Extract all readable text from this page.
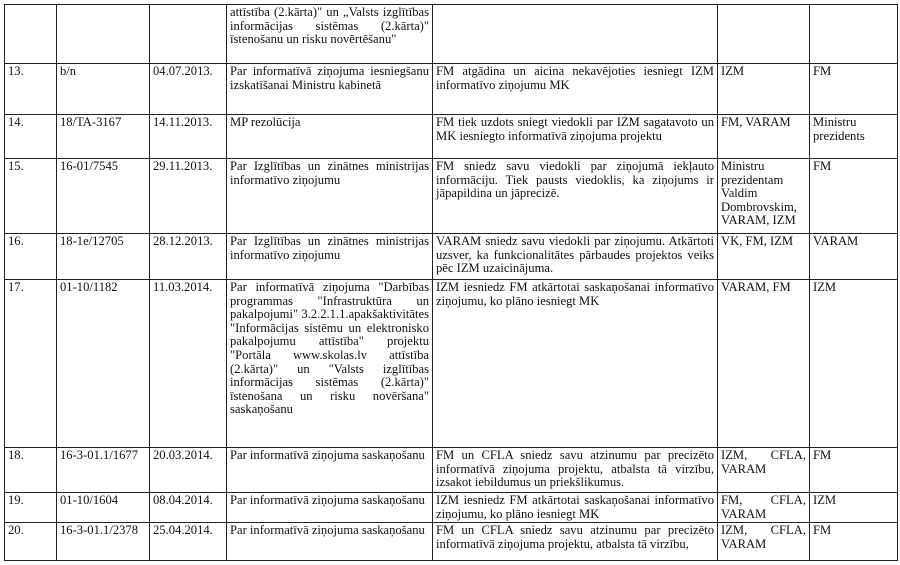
			attīstība (2.kārta)" un „Valsts izglītības informācijas sistēmas (2.kārta)" īstenošanu un risku novērtēšanu"			
13.	b/n	04.07.2013.	Par informatīvā ziņojuma iesniegšanu izskatīšanai Ministru kabinetā	FM atgādina un aicina nekavējoties iesniegt IZM informatīvo ziņojumu MK	IZM	FM
14.	18/TA-3167	14.11.2013.	MP rezolūcija	FM tiek uzdots sniegt viedokli par IZM sagatavoto un MK iesniegto informatīvā ziņojuma projektu	FM, VARAM	Ministru prezidents
15.	16-01/7545	29.11.2013.	Par Izglītības un zinātnes ministrijas informatīvo ziņojumu	FM sniedz savu viedokli par ziņojumā iekļauto informāciju. Tiek pausts viedoklis, ka ziņojums ir jāpapildina un jāprecizē.	Ministru prezidentam Valdim Dombrovskim, VARAM, IZM	FM
16.	18-1e/12705	28.12.2013.	Par Izglītības un zinātnes ministrijas informatīvo ziņojumu	VARAM sniedz savu viedokli par ziņojumu. Atkārtoti uzsver, ka funkcionalitātes pārbaudes projektos veiks pēc IZM uzaicinājuma.	VK, FM, IZM	VARAM
17.	01-10/1182	11.03.2014.	Par informatīvā ziņojuma "Darbības programmas "Infrastruktūra un pakalpojumi" 3.2.2.1.1.apakšaktivitātes "Informācijas sistēmu un elektronisko pakalpojumu attīstība" projektu "Portāla www.skolas.lv attīstība (2.kārta)" un "Valsts izglītības informācijas sistēmas (2.kārta)" īstenošana un risku novēršana" saskaņošanu	IZM iesniedz FM atkārtotai saskaņošanai informatīvo ziņojumu, ko plāno iesniegt MK	VARAM, FM	IZM
18.	16-3-01.1/1677	20.03.2014.	Par informatīvā ziņojuma saskaņošanu	FM un CFLA sniedz savu atzinumu par precizēto informatīvā ziņojuma projektu, atbalsta tā virzību, izsakot iebildumus un priekšlikumus.	IZM, CFLA, VARAM	FM
19.	01-10/1604	08.04.2014.	Par informatīvā ziņojuma saskaņošanu	IZM iesniedz FM atkārtotai saskaņošanai informatīvo ziņojumu, ko plāno iesniegt MK	FM, CFLA, VARAM	IZM
20.	16-3-01.1/2378	25.04.2014.	Par informatīvā ziņojuma saskaņošanu	FM un CFLA sniedz savu atzinumu par precizēto informatīvā ziņojuma projektu, atbalsta tā virzību,	IZM, CFLA, VARAM	FM
